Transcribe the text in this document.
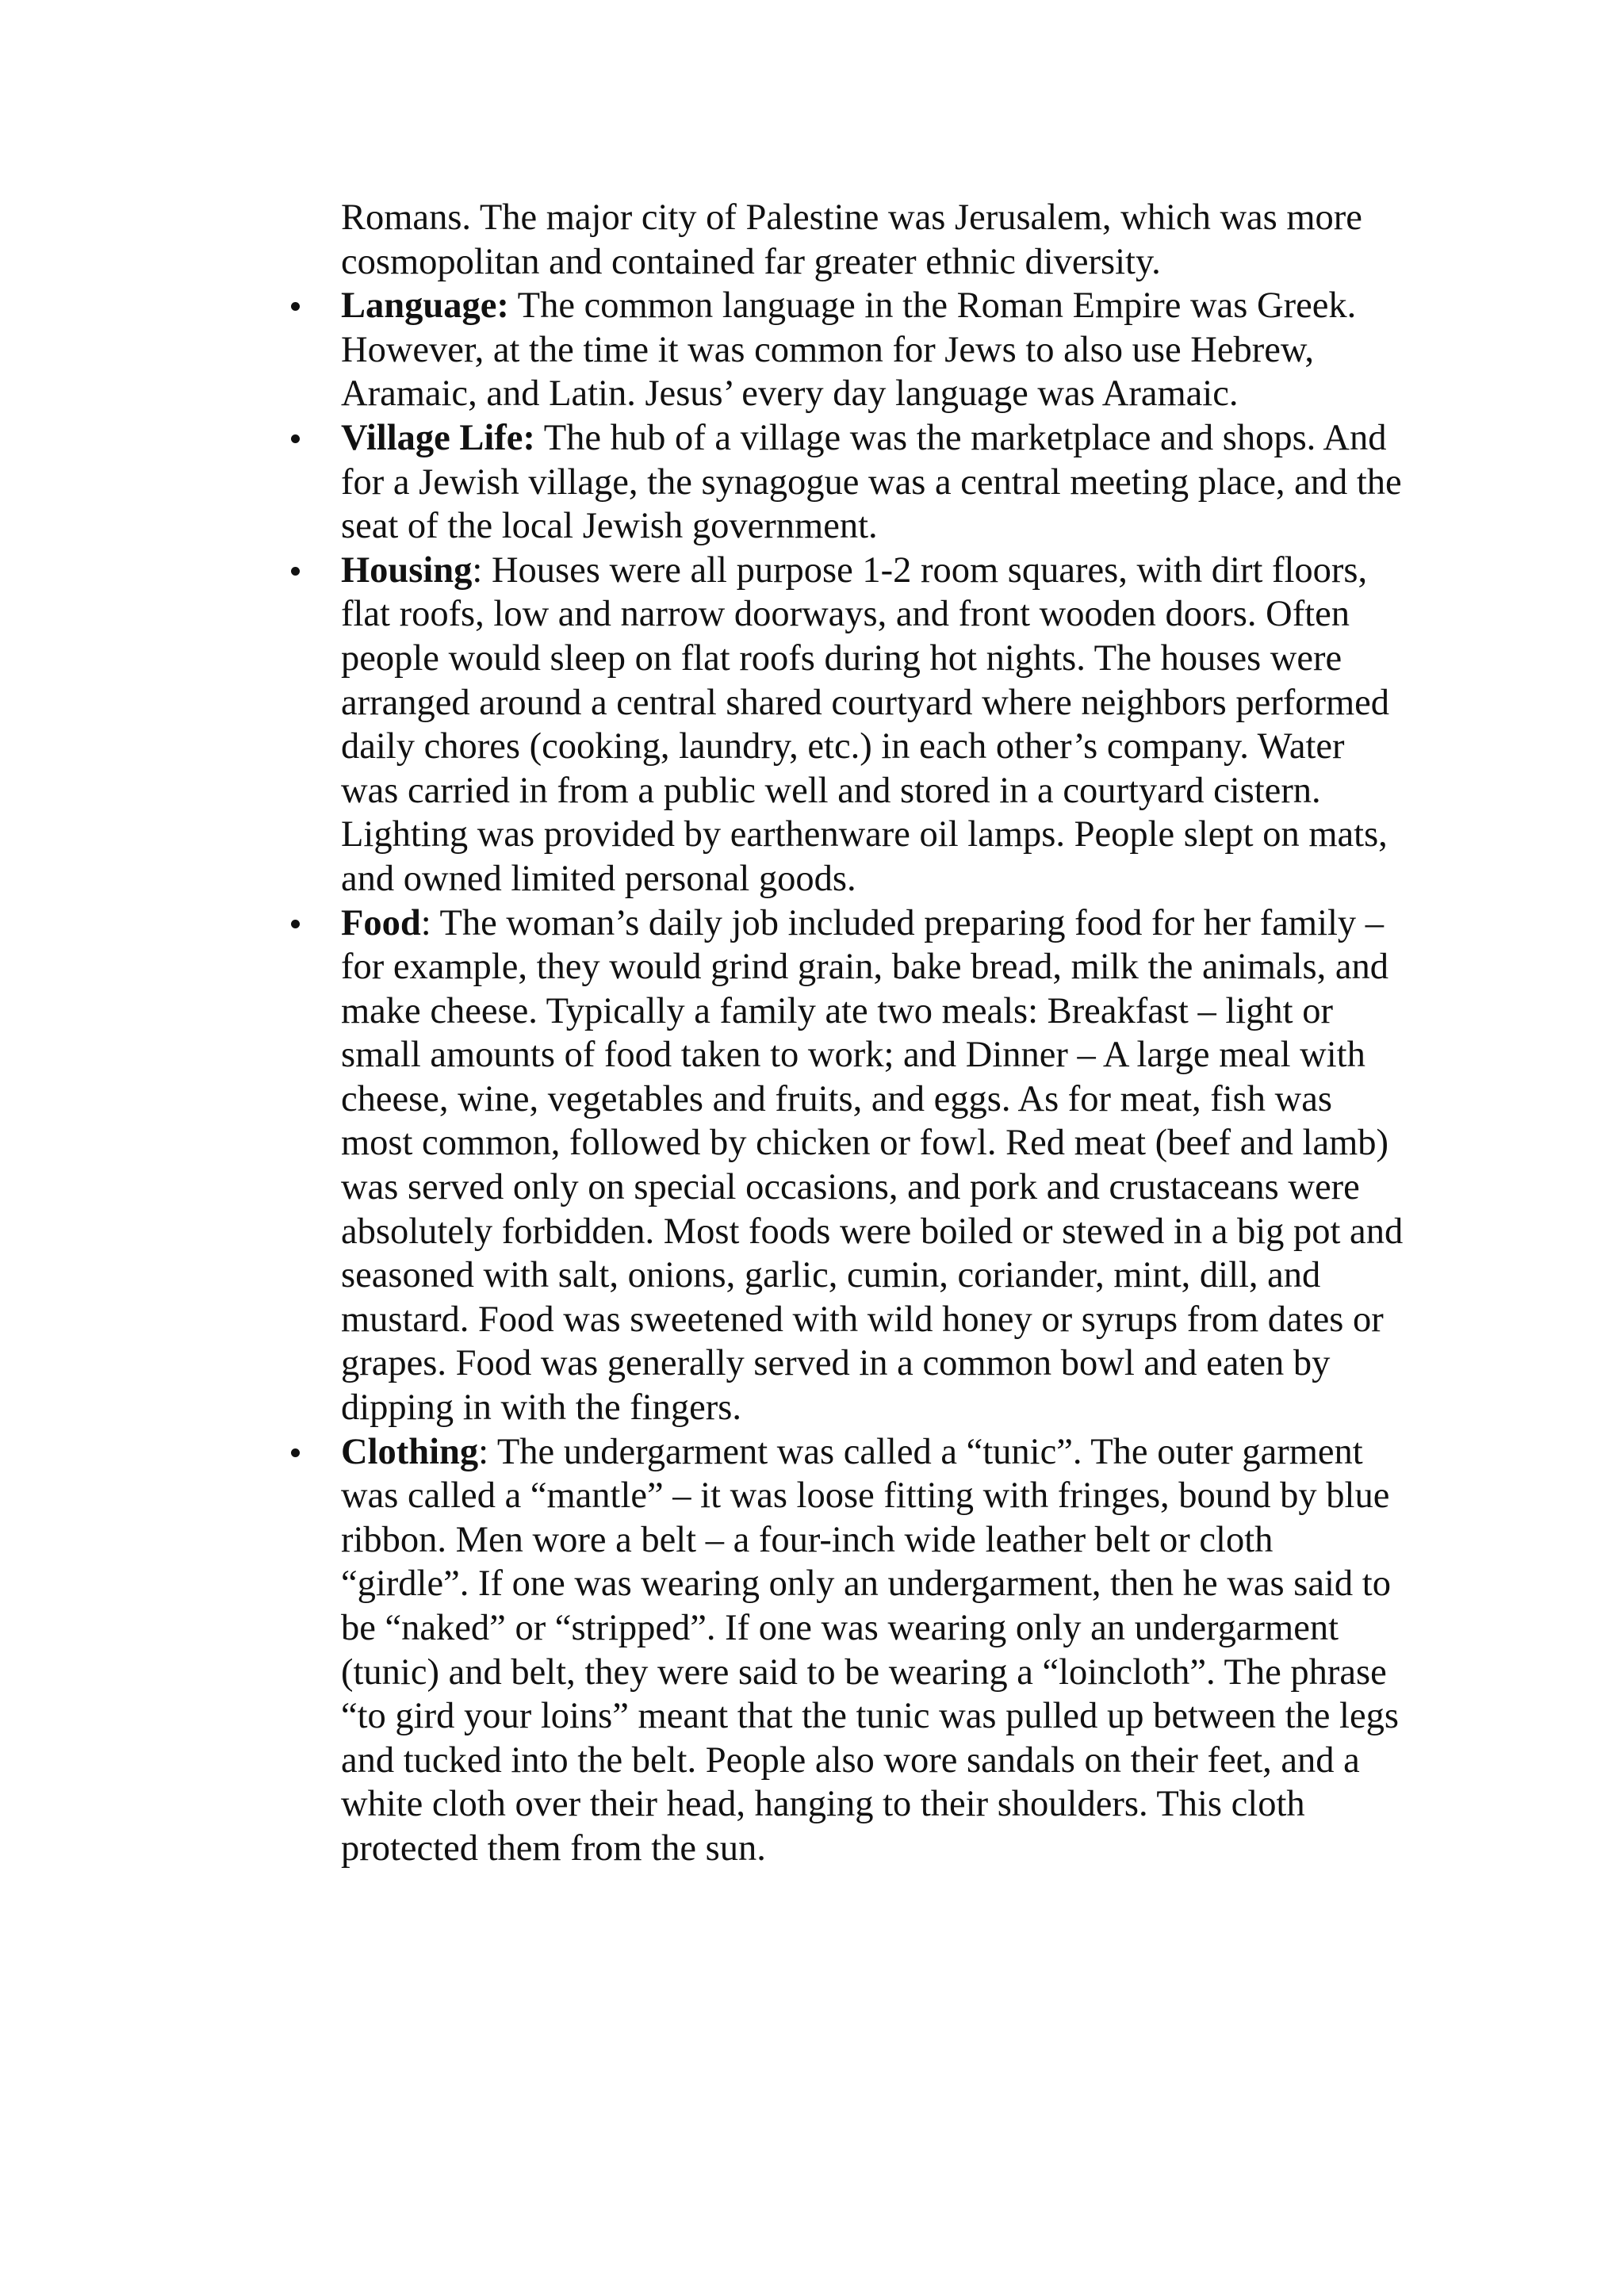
Romans. The major city of Palestine was Jerusalem, which was more cosmopolitan and contained far greater ethnic diversity.

Language: The common language in the Roman Empire was Greek. However, at the time it was common for Jews to also use Hebrew, Aramaic, and Latin. Jesus’ every day language was Aramaic.
Village Life: The hub of a village was the marketplace and shops. And for a Jewish village, the synagogue was a central meeting place, and the seat of the local Jewish government.
Housing: Houses were all purpose 1-2 room squares, with dirt floors, flat roofs, low and narrow doorways, and front wooden doors. Often people would sleep on flat roofs during hot nights. The houses were arranged around a central shared courtyard where neighbors performed daily chores (cooking, laundry, etc.) in each other’s company. Water was carried in from a public well and stored in a courtyard cistern. Lighting was provided by earthenware oil lamps. People slept on mats, and owned limited personal goods.
Food: The woman’s daily job included preparing food for her family – for example, they would grind grain, bake bread, milk the animals, and make cheese. Typically a family ate two meals: Breakfast – light or small amounts of food taken to work; and Dinner – A large meal with cheese, wine, vegetables and fruits, and eggs. As for meat, fish was most common, followed by chicken or fowl. Red meat (beef and lamb) was served only on special occasions, and pork and crustaceans were absolutely forbidden. Most foods were boiled or stewed in a big pot and seasoned with salt, onions, garlic, cumin, coriander, mint, dill, and mustard. Food was sweetened with wild honey or syrups from dates or grapes. Food was generally served in a common bowl and eaten by dipping in with the fingers.
Clothing: The undergarment was called a “tunic”. The outer garment was called a “mantle” – it was loose fitting with fringes, bound by blue ribbon. Men wore a belt – a four-inch wide leather belt or cloth “girdle”. If one was wearing only an undergarment, then he was said to be “naked” or “stripped”. If one was wearing only an undergarment (tunic) and belt, they were said to be wearing a “loincloth”. The phrase “to gird your loins” meant that the tunic was pulled up between the legs and tucked into the belt. People also wore sandals on their feet, and a white cloth over their head, hanging to their shoulders. This cloth protected them from the sun.
